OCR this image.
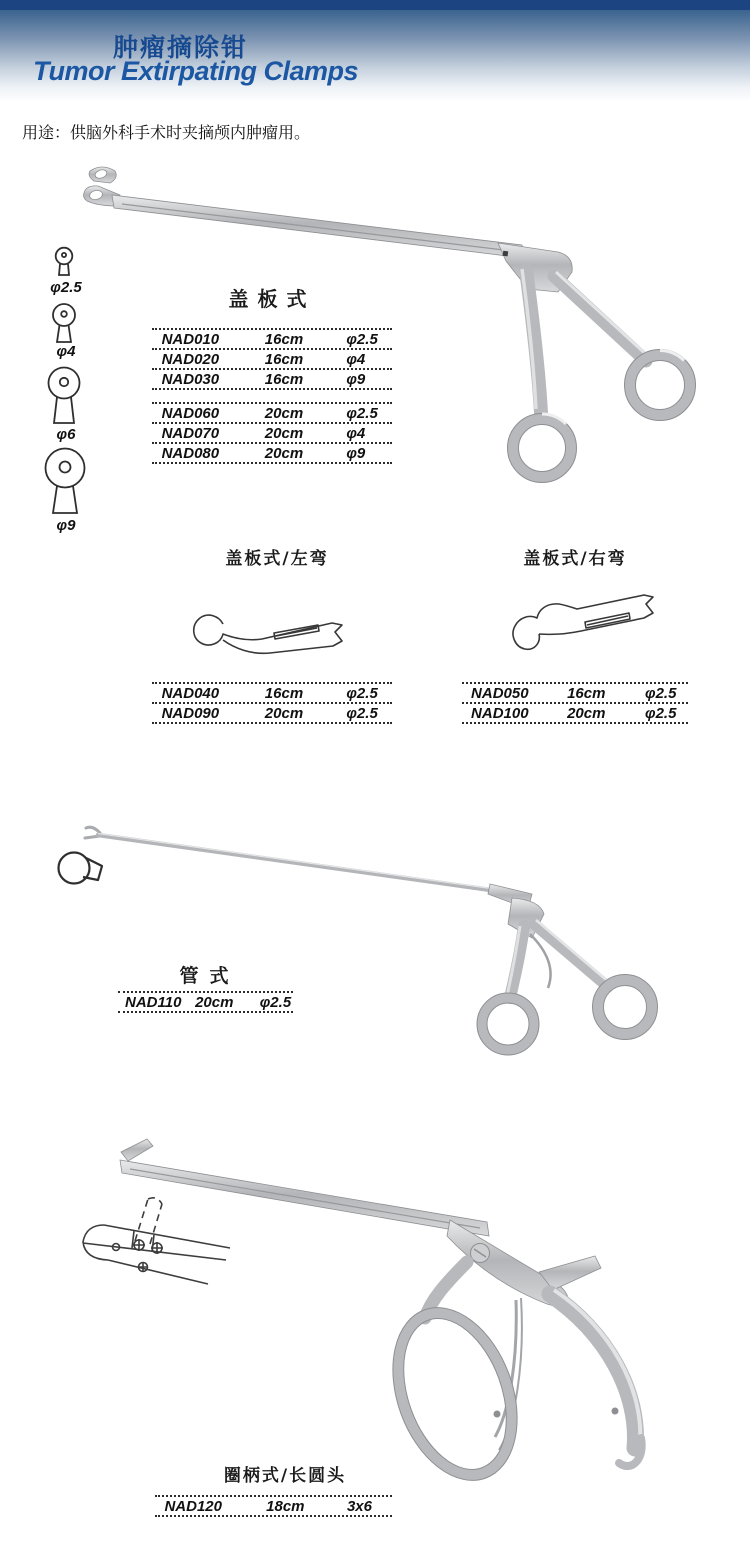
肿瘤摘除钳
Tumor Extirpating Clamps
用途：供脑外科手术时夹摘颅内肿瘤用。
φ2.5
φ4
φ6
φ9
盖板式
NAD010	16cm	φ2.5
NAD020	16cm	φ4
NAD030	16cm	φ9
NAD060	20cm	φ2.5
NAD070	20cm	φ4
NAD080	20cm	φ9
盖板式/左弯
NAD040	16cm	φ2.5
NAD090	20cm	φ2.5
盖板式/右弯
NAD050	16cm	φ2.5
NAD100	20cm	φ2.5
管式
NAD110 20cm	φ2.5
圈柄式/长圆头
NAD120	18cm	3x6
